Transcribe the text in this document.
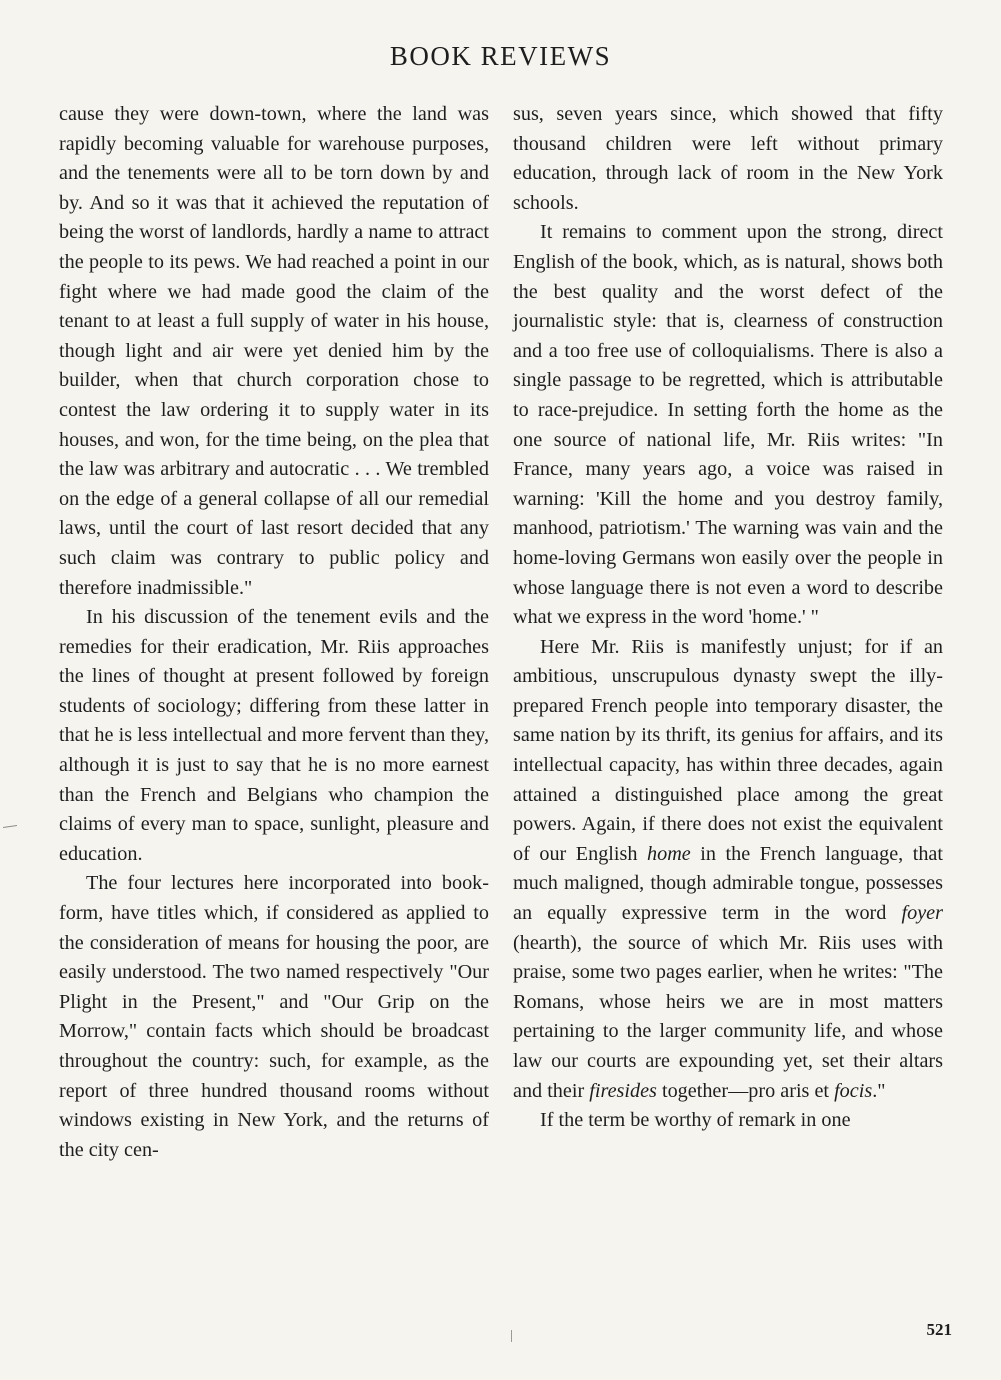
BOOK REVIEWS

cause they were down-town, where the land was rapidly becoming valuable for warehouse purposes, and the tenements were all to be torn down by and by. And so it was that it achieved the reputation of being the worst of landlords, hardly a name to attract the people to its pews. We had reached a point in our fight where we had made good the claim of the tenant to at least a full supply of water in his house, though light and air were yet denied him by the builder, when that church corporation chose to contest the law ordering it to supply water in its houses, and won, for the time being, on the plea that the law was arbitrary and autocratic . . . We trembled on the edge of a general collapse of all our remedial laws, until the court of last resort decided that any such claim was contrary to public policy and therefore inadmissible."

In his discussion of the tenement evils and the remedies for their eradication, Mr. Riis approaches the lines of thought at present followed by foreign students of sociology; differing from these latter in that he is less intellectual and more fervent than they, although it is just to say that he is no more earnest than the French and Belgians who champion the claims of every man to space, sunlight, pleasure and education.

The four lectures here incorporated into book-form, have titles which, if considered as applied to the consideration of means for housing the poor, are easily understood. The two named respectively "Our Plight in the Present," and "Our Grip on the Morrow," contain facts which should be broadcast throughout the country: such, for example, as the report of three hundred thousand rooms without windows existing in New York, and the returns of the city cen-

sus, seven years since, which showed that fifty thousand children were left without primary education, through lack of room in the New York schools.

It remains to comment upon the strong, direct English of the book, which, as is natural, shows both the best quality and the worst defect of the journalistic style: that is, clearness of construction and a too free use of colloquialisms. There is also a single passage to be regretted, which is attributable to race-prejudice. In setting forth the home as the one source of national life, Mr. Riis writes: "In France, many years ago, a voice was raised in warning: 'Kill the home and you destroy family, manhood, patriotism.' The warning was vain and the home-loving Germans won easily over the people in whose language there is not even a word to describe what we express in the word 'home.' "

Here Mr. Riis is manifestly unjust; for if an ambitious, unscrupulous dynasty swept the illy-prepared French people into temporary disaster, the same nation by its thrift, its genius for affairs, and its intellectual capacity, has within three decades, again attained a distinguished place among the great powers. Again, if there does not exist the equivalent of our English home in the French language, that much maligned, though admirable tongue, possesses an equally expressive term in the word foyer (hearth), the source of which Mr. Riis uses with praise, some two pages earlier, when he writes: "The Romans, whose heirs we are in most matters pertaining to the larger community life, and whose law our courts are expounding yet, set their altars and their firesides together—pro aris et focis."

If the term be worthy of remark in one

521
